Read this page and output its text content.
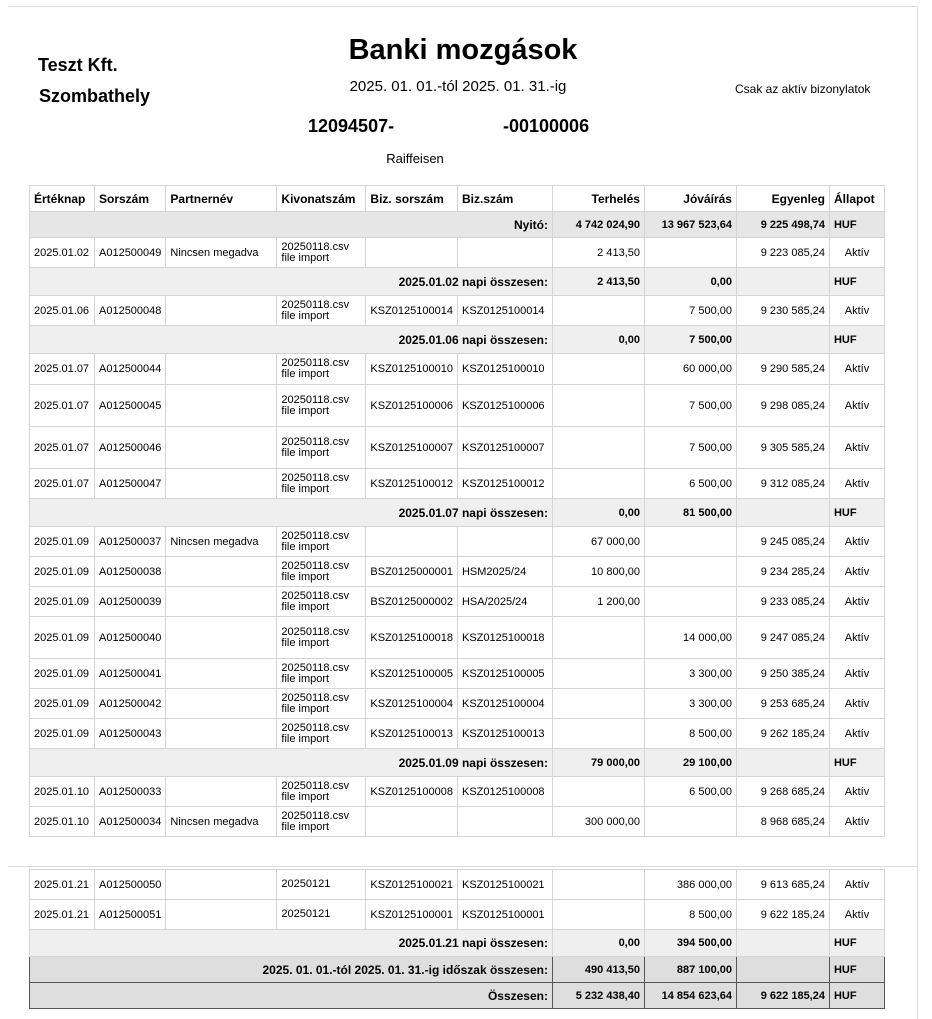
Teszt Kft.
Szombathely
Banki mozgások
2025. 01. 01.-tól 2025. 01. 31.-ig	Csak az aktív bizonylatok
12094507-	-00100006
Raiffeisen
Értéknap	Sorszám	Partnernév	Kivonatszám	Biz. sorszám	Biz.szám	Terhelés	Jóváírás	Egyenleg	Állapot
Nyitó:						4 742 024,90	13 967 523,64	9 225 498,74	HUF
2025.01.02	A012500049	Nincsen megadva	20250118.csv
file import			2 413,50		9 223 085,24	Aktív
2025.01.02 napi összesen:						2 413,50	0,00		HUF
2025.01.06	A012500048		20250118.csv
file import	KSZ0125100014	KSZ0125100014		7 500,00	9 230 585,24	Aktív
2025.01.06 napi összesen:						0,00	7 500,00		HUF
2025.01.07	A012500044		20250118.csv
file import	KSZ0125100010	KSZ0125100010		60 000,00	9 290 585,24	Aktív
2025.01.07	A012500045		20250118.csv
file import	KSZ0125100006	KSZ0125100006		7 500,00	9 298 085,24	Aktív
2025.01.07	A012500046		20250118.csv
file import	KSZ0125100007	KSZ0125100007		7 500,00	9 305 585,24	Aktív
2025.01.07	A012500047		20250118.csv
file import	KSZ0125100012	KSZ0125100012		6 500,00	9 312 085,24	Aktív
2025.01.07 napi összesen:						0,00	81 500,00		HUF
2025.01.09	A012500037	Nincsen megadva	20250118.csv
file import			67 000,00		9 245 085,24	Aktív
2025.01.09	A012500038		20250118.csv
file import	BSZ0125000001	HSM2025/24	10 800,00		9 234 285,24	Aktív
2025.01.09	A012500039		20250118.csv
file import	BSZ0125000002	HSA/2025/24	1 200,00		9 233 085,24	Aktív
2025.01.09	A012500040		20250118.csv
file import	KSZ0125100018	KSZ0125100018		14 000,00	9 247 085,24	Aktív
2025.01.09	A012500041		20250118.csv
file import	KSZ0125100005	KSZ0125100005		3 300,00	9 250 385,24	Aktív
2025.01.09	A012500042		20250118.csv
file import	KSZ0125100004	KSZ0125100004		3 300,00	9 253 685,24	Aktív
2025.01.09	A012500043		20250118.csv
file import	KSZ0125100013	KSZ0125100013		8 500,00	9 262 185,24	Aktív
2025.01.09 napi összesen:						79 000,00	29 100,00		HUF
2025.01.10	A012500033		20250118.csv
file import	KSZ0125100008	KSZ0125100008		6 500,00	9 268 685,24	Aktív
2025.01.10	A012500034	Nincsen megadva	20250118.csv
file import			300 000,00		8 968 685,24	Aktív
2025.01.21	A012500050		20250121	KSZ0125100021	KSZ0125100021		386 000,00	9 613 685,24	Aktív
2025.01.21	A012500051		20250121	KSZ0125100001	KSZ0125100001		8 500,00	9 622 185,24	Aktív
2025.01.21 napi összesen:						0,00	394 500,00		HUF
2025. 01. 01.-tól 2025. 01. 31.-ig időszak összesen:						490 413,50	887 100,00		HUF
Összesen:						5 232 438,40	14 854 623,64	9 622 185,24	HUF
